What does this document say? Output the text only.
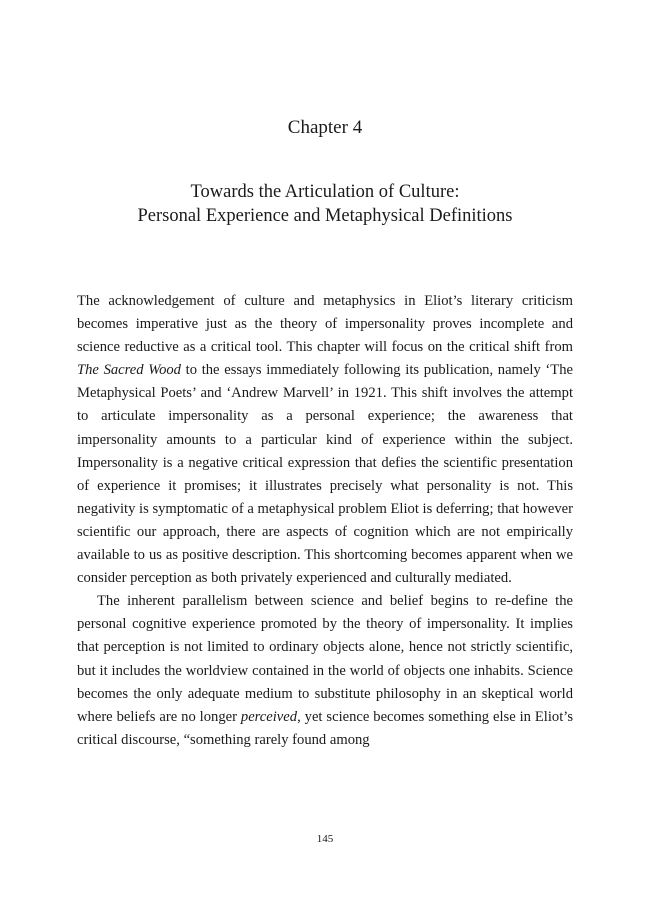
Chapter 4
Towards the Articulation of Culture:
Personal Experience and Metaphysical Definitions

The acknowledgement of culture and metaphysics in Eliot’s literary criticism becomes imperative just as the theory of impersonality proves incomplete and science reductive as a critical tool. This chapter will focus on the critical shift from The Sacred Wood to the essays immediately following its publication, namely ‘The Metaphysical Poets’ and ‘Andrew Marvell’ in 1921. This shift involves the attempt to articulate impersonality as a personal experience; the awareness that impersonality amounts to a particular kind of experience within the subject. Impersonality is a negative critical expression that defies the scientific presentation of experience it promises; it illustrates precisely what personality is not. This negativity is symptomatic of a metaphysical problem Eliot is deferring; that however scientific our approach, there are aspects of cognition which are not empirically available to us as positive description. This shortcoming becomes apparent when we consider perception as both privately experienced and culturally mediated.

The inherent parallelism between science and belief begins to re-define the personal cognitive experience promoted by the theory of impersonality. It implies that perception is not limited to ordinary objects alone, hence not strictly scientific, but it includes the worldview contained in the world of objects one inhabits. Science becomes the only adequate medium to substitute philosophy in an skeptical world where beliefs are no longer perceived, yet science becomes something else in Eliot’s critical discourse, “something rarely found among

145
